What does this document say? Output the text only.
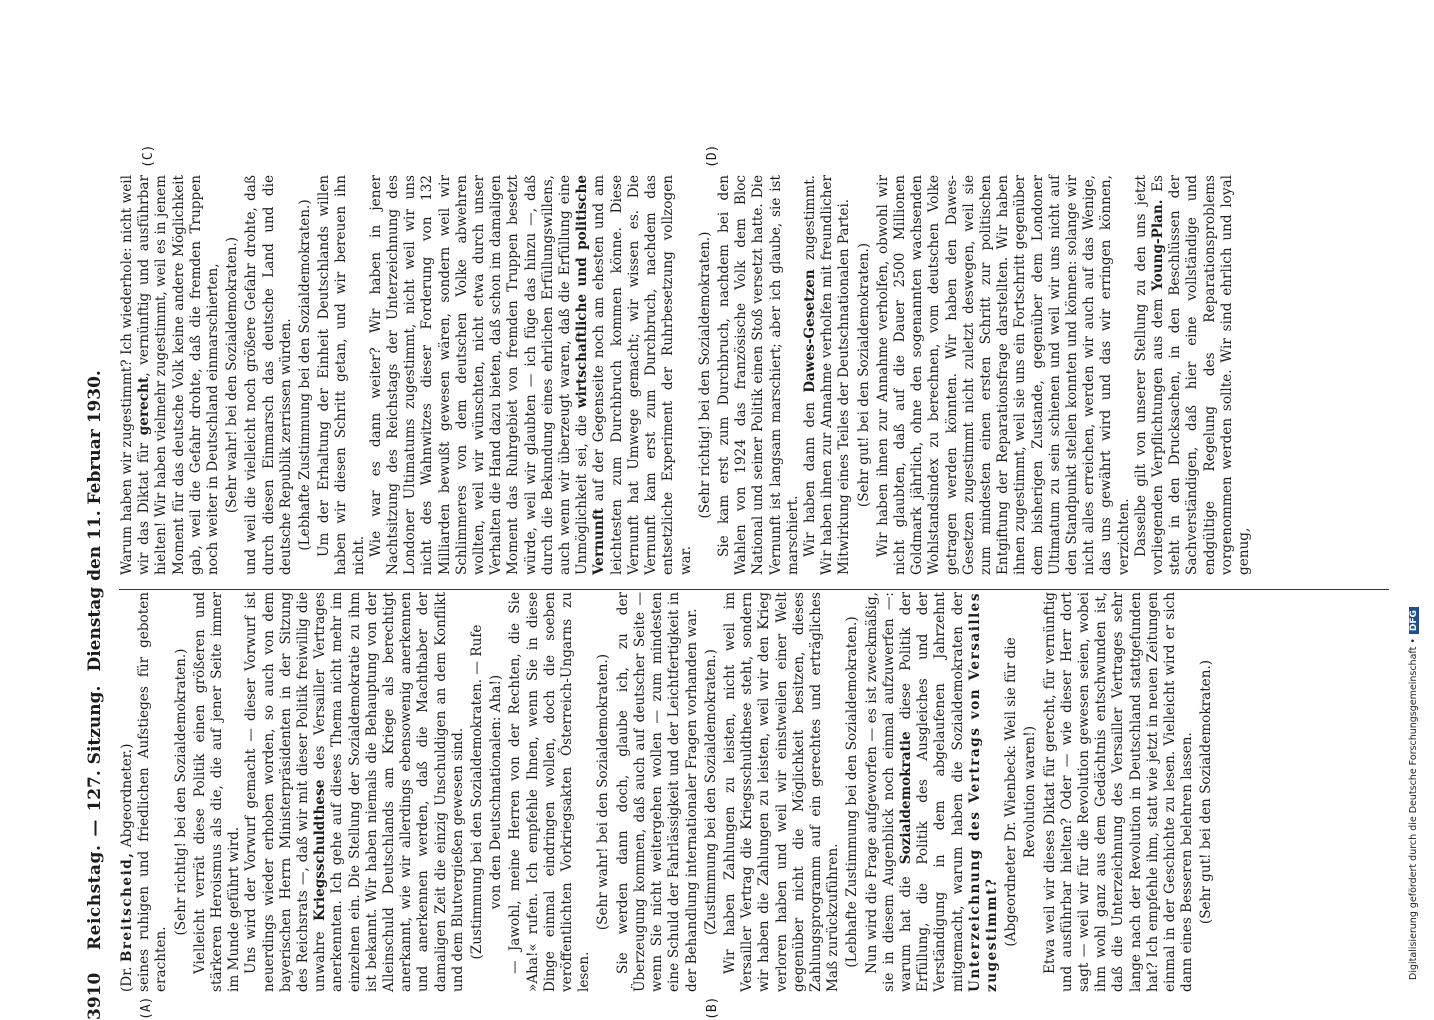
3910
Reichstag.
—
127. Sitzung.
Dienstag den 11. Februar 1930.
(A)	(B)
(C)	(D)

(Dr. Breitscheid, Abgeordneter.) seines ruhigen und friedlichen Aufstieges für geboten erachten.

(Sehr richtig! bei den Sozialdemokraten.) Vielleicht verrät diese Politik einen größeren und stärkeren Heroismus als die, die auf jener Seite immer im Munde geführt wird. Uns wird der Vorwurf gemacht — dieser Vorwurf ist neuerdings wieder erhoben worden, so auch von dem bayerischen Herrn Ministerpräsidenten in der Sitzung des Reichsrats —, daß wir mit dieser Politik freiwillig die unwahre Kriegsschuldthese des Versailler Vertrages anerkennten. Ich gehe auf dieses Thema nicht mehr im einzelnen ein. Die Stellung der Sozialdemokratie zu ihm ist bekannt. Wir haben niemals die Behauptung von der Alleinschuld Deutschlands am Kriege als berechtigt anerkannt, wie wir allerdings ebensowenig anerkennen und anerkennen werden, daß die Machthaber der damaligen Zeit die einzig Unschuldigen an dem Konflikt und dem Blutvergießen gewesen sind. (Zustimmung bei den Sozialdemokraten. — Rufe von den Deutschnationalen: Aha!) — Jawohl, meine Herren von der Rechten, die Sie »Aha!« rufen. Ich empfehle Ihnen, wenn Sie in diese Dinge einmal eindringen wollen, doch die soeben veröffentlichten Vorkriegsakten Österreich-Ungarns zu lesen.

(Sehr wahr! bei den Sozialdemokraten.) Sie werden dann doch, glaube ich, zu der Überzeugung kommen, daß auch auf deutscher Seite — wenn Sie nicht weitergehen wollen — zum mindesten eine Schuld der Fahrlässigkeit und der Leichtfertigkeit in der Behandlung internationaler Fragen vorhanden war. (Zustimmung bei den Sozialdemokraten.) Wir haben Zahlungen zu leisten, nicht weil im Versailler Vertrag die Kriegsschuldthese steht, sondern wir haben die Zahlungen zu leisten, weil wir den Krieg verloren haben und weil wir einstweilen einer Welt gegenüber nicht die Möglichkeit besitzen, dieses Zahlungsprogramm auf ein gerechtes und erträgliches Maß zurückzuführen. (Lebhafte Zustimmung bei den Sozialdemokraten.) Nun wird die Frage aufgeworfen — es ist zweckmäßig, sie in diesem Augenblick noch einmal aufzuwerfen —: warum hat die Sozialdemokratie diese Politik der Erfüllung, die Politik des Ausgleiches und der Verständigung in dem abgelaufenen Jahrzehnt mitgemacht, warum haben die Sozialdemokraten der Unterzeichnung des Vertrags von Versailles zugestimmt? (Abgeordneter Dr. Wienbeck: Weil sie für die Revolution waren!) Etwa weil wir dieses Diktat für gerecht, für vernünftig und ausführbar hielten? Oder — wie dieser Herr dort sagt — weil wir für die Revolution gewesen seien, wobei ihm wohl ganz aus dem Gedächtnis entschwunden ist, daß die Unterzeichnung des Versailler Vertrages sehr lange nach der Revolution in Deutschland stattgefunden hat? Ich empfehle ihm, statt wie jetzt in neuen Zeitungen einmal in der Geschichte zu lesen. Vielleicht wird er sich dann eines Besseren belehren lassen. (Sehr gut! bei den Sozialdemokraten.)

Warum haben wir zugestimmt? Ich wiederhole: nicht weil wir das Diktat für gerecht, vernünftig und ausführbar hielten! Wir haben vielmehr zugestimmt, weil es in jenem Moment für das deutsche Volk keine andere Möglichkeit gab, weil die Gefahr drohte, daß die fremden Truppen noch weiter in Deutschland einmarschierten, (Sehr wahr! bei den Sozialdemokraten.) und weil die vielleicht noch größere Gefahr drohte, daß durch diesen Einmarsch das deutsche Land und die deutsche Republik zerrissen würden. (Lebhafte Zustimmung bei den Sozialdemokraten.) Um der Erhaltung der Einheit Deutschlands willen haben wir diesen Schritt getan, und wir bereuen ihn nicht. Wie war es dann weiter? Wir haben in jener Nachtsitzung des Reichstags der Unterzeichnung des Londoner Ultimatums zugestimmt, nicht weil wir uns nicht des Wahnwitzes dieser Forderung von 132 Milliarden bewußt gewesen wären, sondern weil wir Schlimmeres von dem deutschen Volke abwehren wollten, weil wir wünschten, nicht etwa durch unser Verhalten die Hand dazu bieten, daß schon im damaligen Moment das Ruhrgebiet von fremden Truppen besetzt würde, weil wir glaubten — ich füge das hinzu —, daß durch die Bekundung eines ehrlichen Erfüllungswillens, auch wenn wir überzeugt waren, daß die Erfüllung eine Unmöglichkeit sei, die wirtschaftliche und politische Vernunft auf der Gegenseite noch am ehesten und am leichtesten zum Durchbruch kommen könne. Diese Vernunft hat Umwege gemacht; wir wissen es. Die Vernunft kam erst zum Durchbruch, nachdem das entsetzliche Experiment der Ruhrbesetzung vollzogen war.

(Sehr richtig! bei den Sozialdemokraten.) Sie kam erst zum Durchbruch, nachdem bei den Wahlen von 1924 das französische Volk dem Bloc National und seiner Politik einen Stoß versetzt hatte. Die Vernunft ist langsam marschiert; aber ich glaube, sie ist marschiert. Wir haben dann den Dawes-Gesetzen zugestimmt. Wir haben ihnen zur Annahme verholfen mit freundlicher Mitwirkung eines Teiles der Deutschnationalen Partei. (Sehr gut! bei den Sozialdemokraten.) Wir haben ihnen zur Annahme verholfen, obwohl wir nicht glaubten, daß auf die Dauer 2500 Millionen Goldmark jährlich, ohne den sogenannten wachsenden Wohlstandsindex zu berechnen, vom deutschen Volke getragen werden könnten. Wir haben den Dawes-Gesetzen zugestimmt nicht zuletzt deswegen, weil sie zum mindesten einen ersten Schritt zur politischen Entgiftung der Reparationsfrage darstellten. Wir haben ihnen zugestimmt, weil sie uns ein Fortschritt gegenüber dem bisherigen Zustande, gegenüber dem Londoner Ultimatum zu sein schienen und weil wir uns nicht auf den Standpunkt stellen konnten und können: solange wir nicht alles erreichen, werden wir auch auf das Wenige, das uns gewährt wird und das wir erringen können, verzichten. Dasselbe gilt von unserer Stellung zu den uns jetzt vorliegenden Verpflichtungen aus dem Young-Plan. Es steht in den Drucksachen, in den Beschlüssen der Sachverständigen, daß hier eine vollständige und endgültige Regelung des Reparationsproblems vorgenommen werden sollte. Wir sind ehrlich und loyal genug,

Digitalisierung gefördert durch die Deutsche Forschungsgemeinschaft •DFG
